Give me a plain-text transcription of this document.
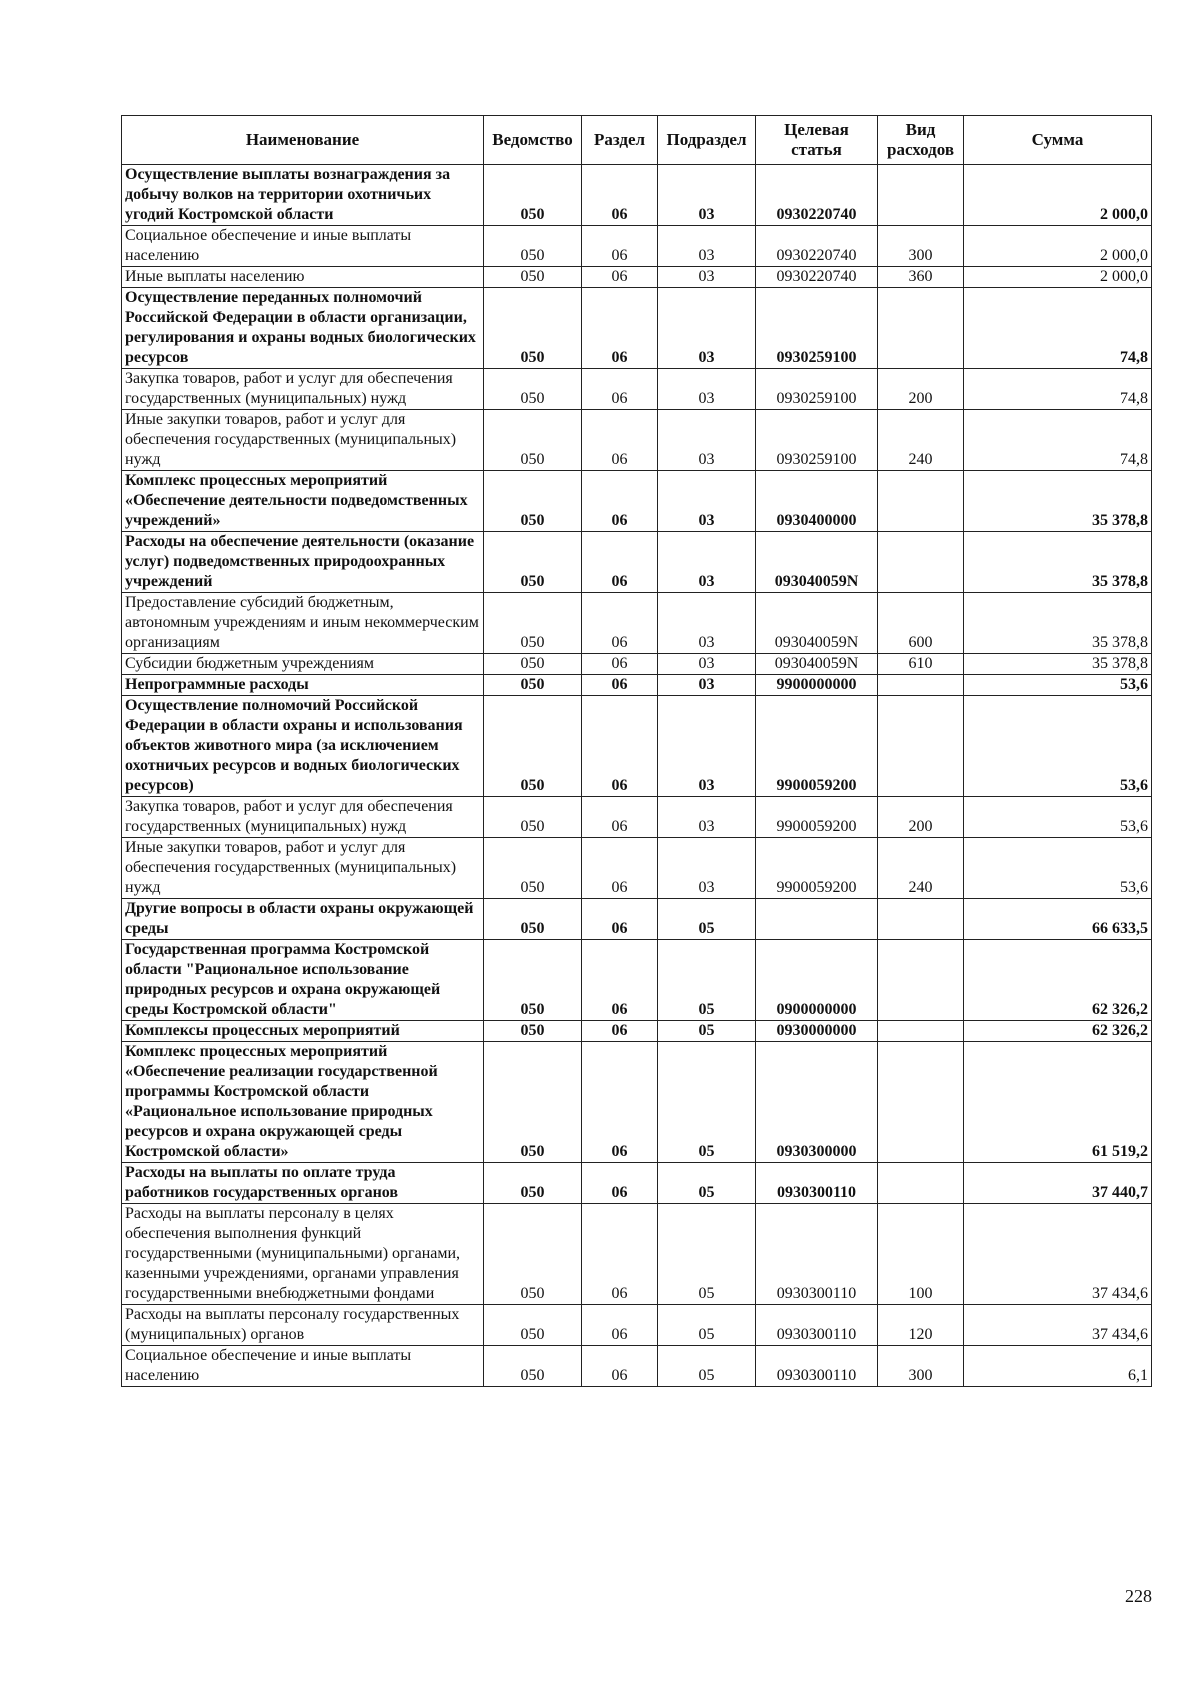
Наименование	Ведомство	Раздел	Подраздел	Целевая статья	Вид расходов	Сумма
Осуществление выплаты вознаграждения за добычу волков на территории охотничьих угодий Костромской области	050	06	03	0930220740		2 000,0
Социальное обеспечение и иные выплаты населению	050	06	03	0930220740	300	2 000,0
Иные выплаты населению	050	06	03	0930220740	360	2 000,0
Осуществление переданных полномочий Российской Федерации в области организации, регулирования и охраны водных биологических ресурсов	050	06	03	0930259100		74,8
Закупка товаров, работ и услуг для обеспечения государственных (муниципальных) нужд	050	06	03	0930259100	200	74,8
Иные закупки товаров, работ и услуг для обеспечения государственных (муниципальных) нужд	050	06	03	0930259100	240	74,8
Комплекс процессных мероприятий «Обеспечение деятельности подведомственных учреждений»	050	06	03	0930400000		35 378,8
Расходы на обеспечение деятельности (оказание услуг) подведомственных природоохранных учреждений	050	06	03	093040059N		35 378,8
Предоставление субсидий бюджетным, автономным учреждениям и иным некоммерческим организациям	050	06	03	093040059N	600	35 378,8
Субсидии бюджетным учреждениям	050	06	03	093040059N	610	35 378,8
Непрограммные расходы	050	06	03	9900000000		53,6
Осуществление полномочий Российской Федерации в области охраны и использования объектов животного мира (за исключением охотничьих ресурсов и водных биологических ресурсов)	050	06	03	9900059200		53,6
Закупка товаров, работ и услуг для обеспечения государственных (муниципальных) нужд	050	06	03	9900059200	200	53,6
Иные закупки товаров, работ и услуг для обеспечения государственных (муниципальных) нужд	050	06	03	9900059200	240	53,6
Другие вопросы в области охраны окружающей среды	050	06	05			66 633,5
Государственная программа Костромской области "Рациональное использование природных ресурсов и охрана окружающей среды Костромской области"	050	06	05	0900000000		62 326,2
Комплексы процессных мероприятий	050	06	05	0930000000		62 326,2
Комплекс процессных мероприятий «Обеспечение реализации государственной программы Костромской области «Рациональное использование природных ресурсов и охрана окружающей среды Костромской области»	050	06	05	0930300000		61 519,2
Расходы на выплаты по оплате труда работников государственных органов	050	06	05	0930300110		37 440,7
Расходы на выплаты персоналу в целях обеспечения выполнения функций государственными (муниципальными) органами, казенными учреждениями, органами управления государственными внебюджетными фондами	050	06	05	0930300110	100	37 434,6
Расходы на выплаты персоналу государственных (муниципальных) органов	050	06	05	0930300110	120	37 434,6
Социальное обеспечение и иные выплаты населению	050	06	05	0930300110	300	6,1
228
